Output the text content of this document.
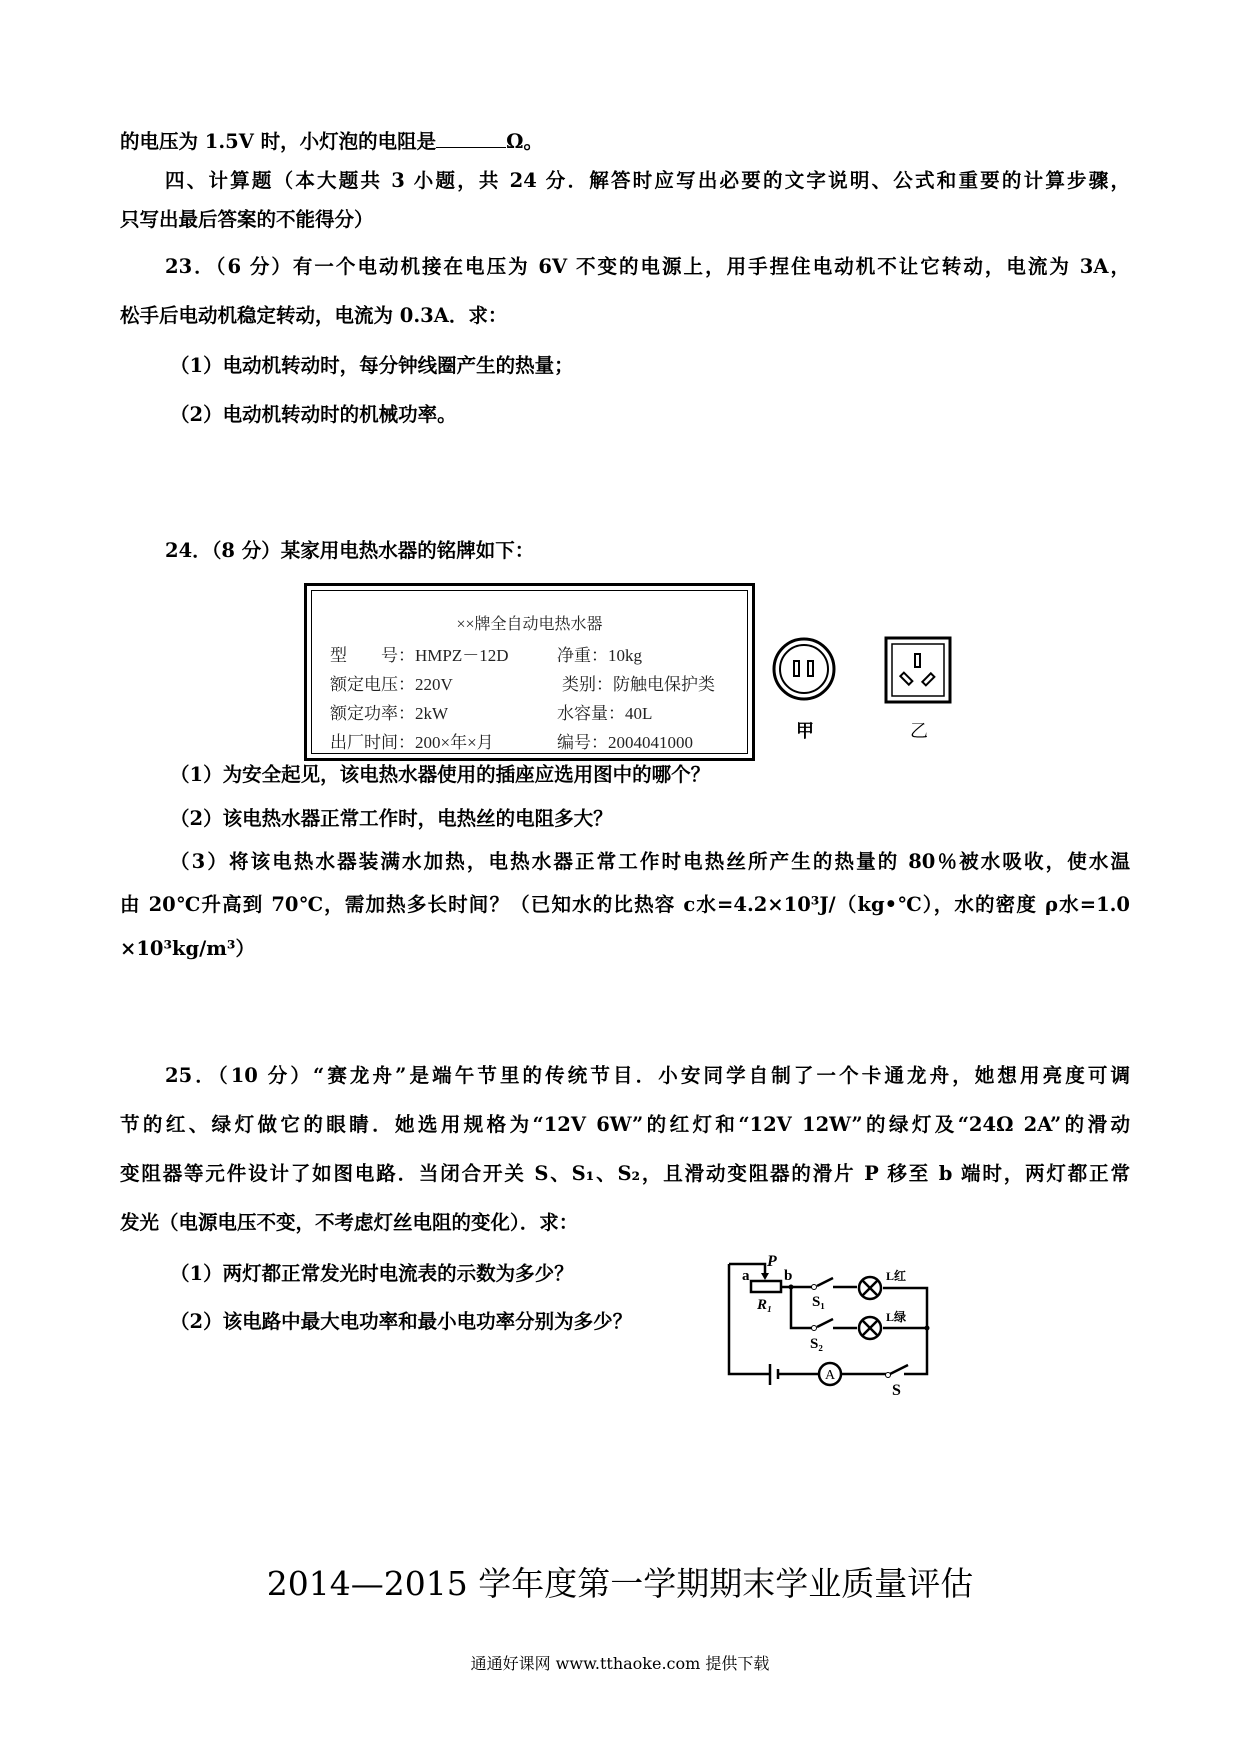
的电压为 1.5V 时，小灯泡的电阻是	Ω。
四、计算题（本大题共 3 小题，共 24 分．解答时应写出必要的文字说明、公式和重要的计算步骤，
只写出最后答案的不能得分）
23．（6 分）有一个电动机接在电压为 6V 不变的电源上，用手捏住电动机不让它转动，电流为 3A，
松手后电动机稳定转动，电流为 0.3A．求：
（1）电动机转动时，每分钟线圈产生的热量；
（2）电动机转动时的机械功率。
24．（8 分）某家用电热水器的铭牌如下：
××牌全自动电热水器
型　　号：HMPZ－12D	净重：10kg
额定电压：220V	类别：防触电保护类
额定功率：2kW	水容量：40L
出厂时间：200×年×月	编号：2004041000
甲	乙
（1）为安全起见，该电热水器使用的插座应选用图中的哪个？
（2）该电热水器正常工作时，电热丝的电阻多大？
（3）将该电热水器装满水加热，电热水器正常工作时电热丝所产生的热量的 80％被水吸收，使水温
由 20℃升高到 70℃，需加热多长时间？（已知水的比热容 c水=4.2×10³J/（kg•℃），水的密度 ρ水=1.0
×10³kg/m³）
25．（10 分）“赛龙舟”是端午节里的传统节目．小安同学自制了一个卡通龙舟，她想用亮度可调
节的红、绿灯做它的眼睛．她选用规格为“12V 6W”的红灯和“12V 12W”的绿灯及“24Ω 2A”的滑动
变阻器等元件设计了如图电路．当闭合开关 S、S₁、S₂，且滑动变阻器的滑片 P 移至 b 端时，两灯都正常
发光（电源电压不变，不考虑灯丝电阻的变化）．求：
（1）两灯都正常发光时电流表的示数为多少？
（2）该电路中最大电功率和最小电功率分别为多少？
A
a b
P
R₁	S₁
S₂
S
L红
L绿
2014—2015 学年度第一学期期末学业质量评估
通通好课网 www.tthaoke.com 提供下载
